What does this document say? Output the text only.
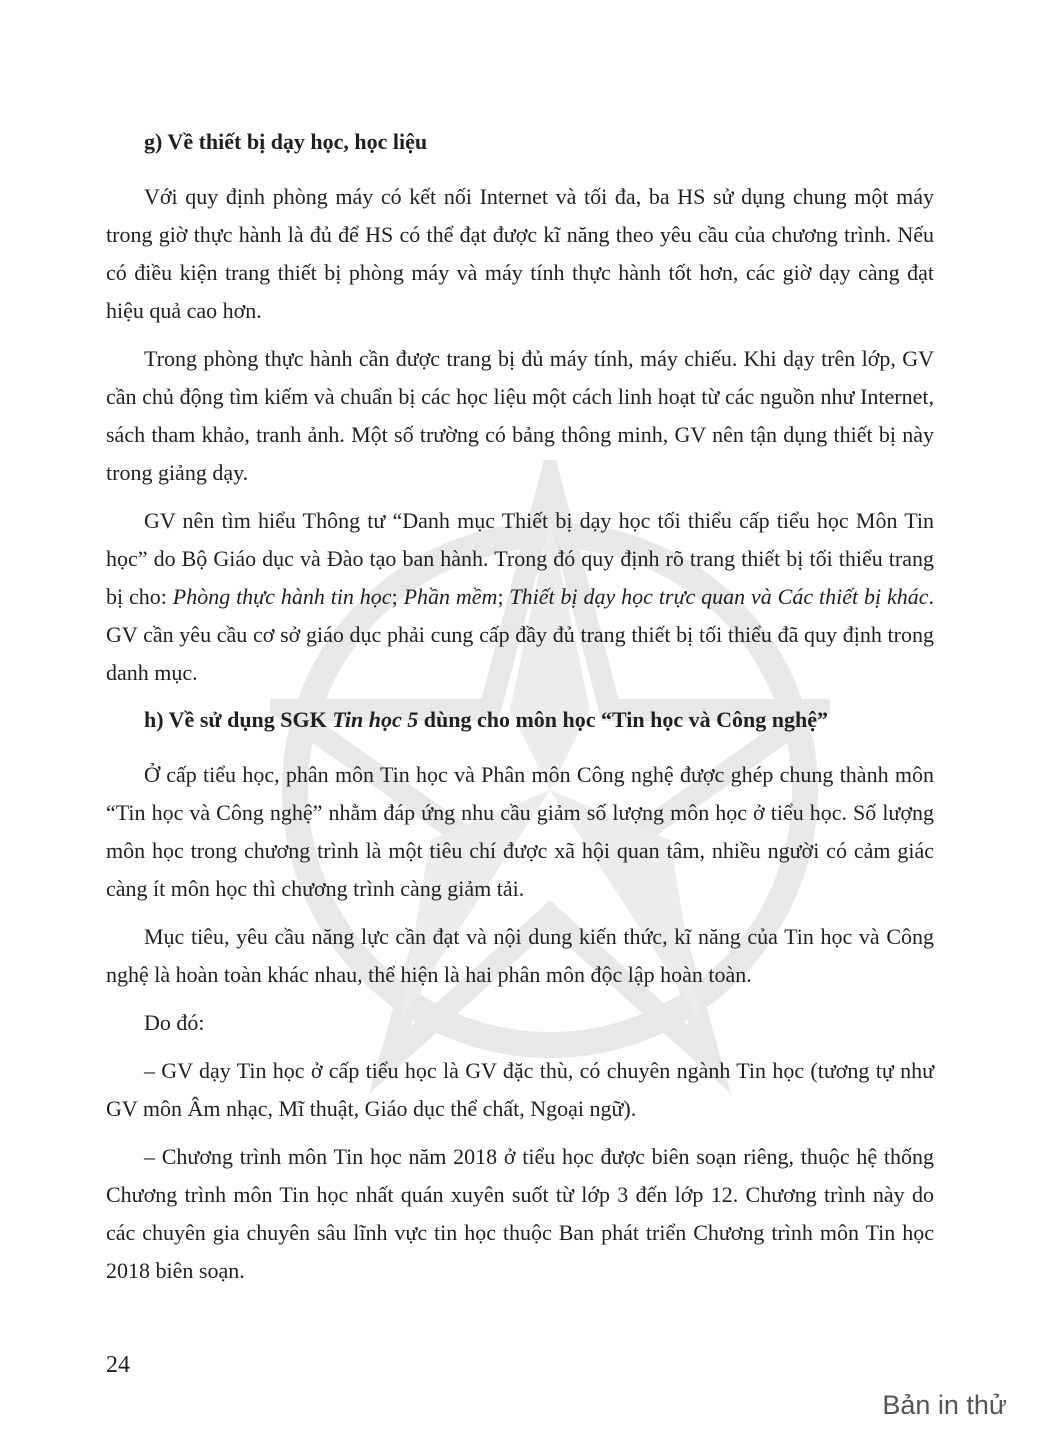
g) Về thiết bị dạy học, học liệu

Với quy định phòng máy có kết nối Internet và tối đa, ba HS sử dụng chung một máy trong giờ thực hành là đủ để HS có thể đạt được kĩ năng theo yêu cầu của chương trình. Nếu có điều kiện trang thiết bị phòng máy và máy tính thực hành tốt hơn, các giờ dạy càng đạt hiệu quả cao hơn.

Trong phòng thực hành cần được trang bị đủ máy tính, máy chiếu. Khi dạy trên lớp, GV cần chủ động tìm kiếm và chuẩn bị các học liệu một cách linh hoạt từ các nguồn như Internet, sách tham khảo, tranh ảnh. Một số trường có bảng thông minh, GV nên tận dụng thiết bị này trong giảng dạy.

GV nên tìm hiểu Thông tư “Danh mục Thiết bị dạy học tối thiểu cấp tiểu học Môn Tin học” do Bộ Giáo dục và Đào tạo ban hành. Trong đó quy định rõ trang thiết bị tối thiểu trang bị cho: Phòng thực hành tin học; Phần mềm; Thiết bị dạy học trực quan và Các thiết bị khác. GV cần yêu cầu cơ sở giáo dục phải cung cấp đầy đủ trang thiết bị tối thiểu đã quy định trong danh mục.

h) Về sử dụng SGK Tin học 5 dùng cho môn học “Tin học và Công nghệ”

Ở cấp tiểu học, phân môn Tin học và Phân môn Công nghệ được ghép chung thành môn “Tin học và Công nghệ” nhằm đáp ứng nhu cầu giảm số lượng môn học ở tiểu học. Số lượng môn học trong chương trình là một tiêu chí được xã hội quan tâm, nhiều người có cảm giác càng ít môn học thì chương trình càng giảm tải.

Mục tiêu, yêu cầu năng lực cần đạt và nội dung kiến thức, kĩ năng của Tin học và Công nghệ là hoàn toàn khác nhau, thể hiện là hai phân môn độc lập hoàn toàn.

Do đó:

– GV dạy Tin học ở cấp tiểu học là GV đặc thù, có chuyên ngành Tin học (tương tự như GV môn Âm nhạc, Mĩ thuật, Giáo dục thể chất, Ngoại ngữ).

– Chương trình môn Tin học năm 2018 ở tiểu học được biên soạn riêng, thuộc hệ thống Chương trình môn Tin học nhất quán xuyên suốt từ lớp 3 đến lớp 12. Chương trình này do các chuyên gia chuyên sâu lĩnh vực tin học thuộc Ban phát triển Chương trình môn Tin học 2018 biên soạn.

24
Bản in thử
